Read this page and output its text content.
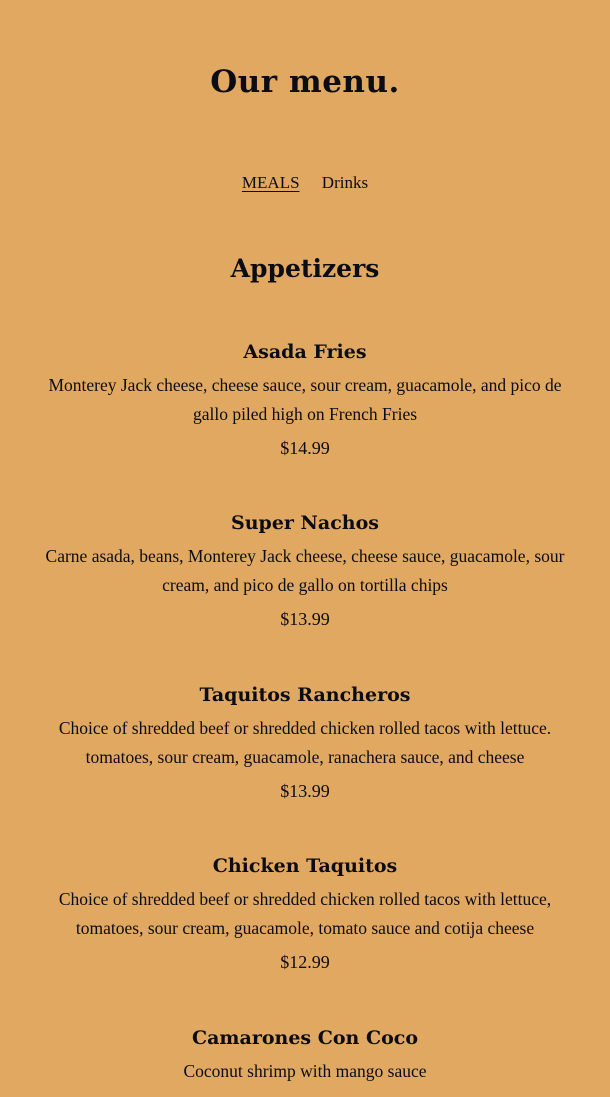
Our menu.
MEALS Drinks
Appetizers
Asada Fries

Monterey Jack cheese, cheese sauce, sour cream, guacamole, and pico de gallo piled high on French Fries

$14.99

Super Nachos

Carne asada, beans, Monterey Jack cheese, cheese sauce, guacamole, sour cream, and pico de gallo on tortilla chips

$13.99

Taquitos Rancheros

Choice of shredded beef or shredded chicken rolled tacos with lettuce. tomatoes, sour cream, guacamole, ranachera sauce, and cheese

$13.99

Chicken Taquitos

Choice of shredded beef or shredded chicken rolled tacos with lettuce, tomatoes, sour cream, guacamole, tomato sauce and cotija cheese

$12.99

Camarones Con Coco

Coconut shrimp with mango sauce
